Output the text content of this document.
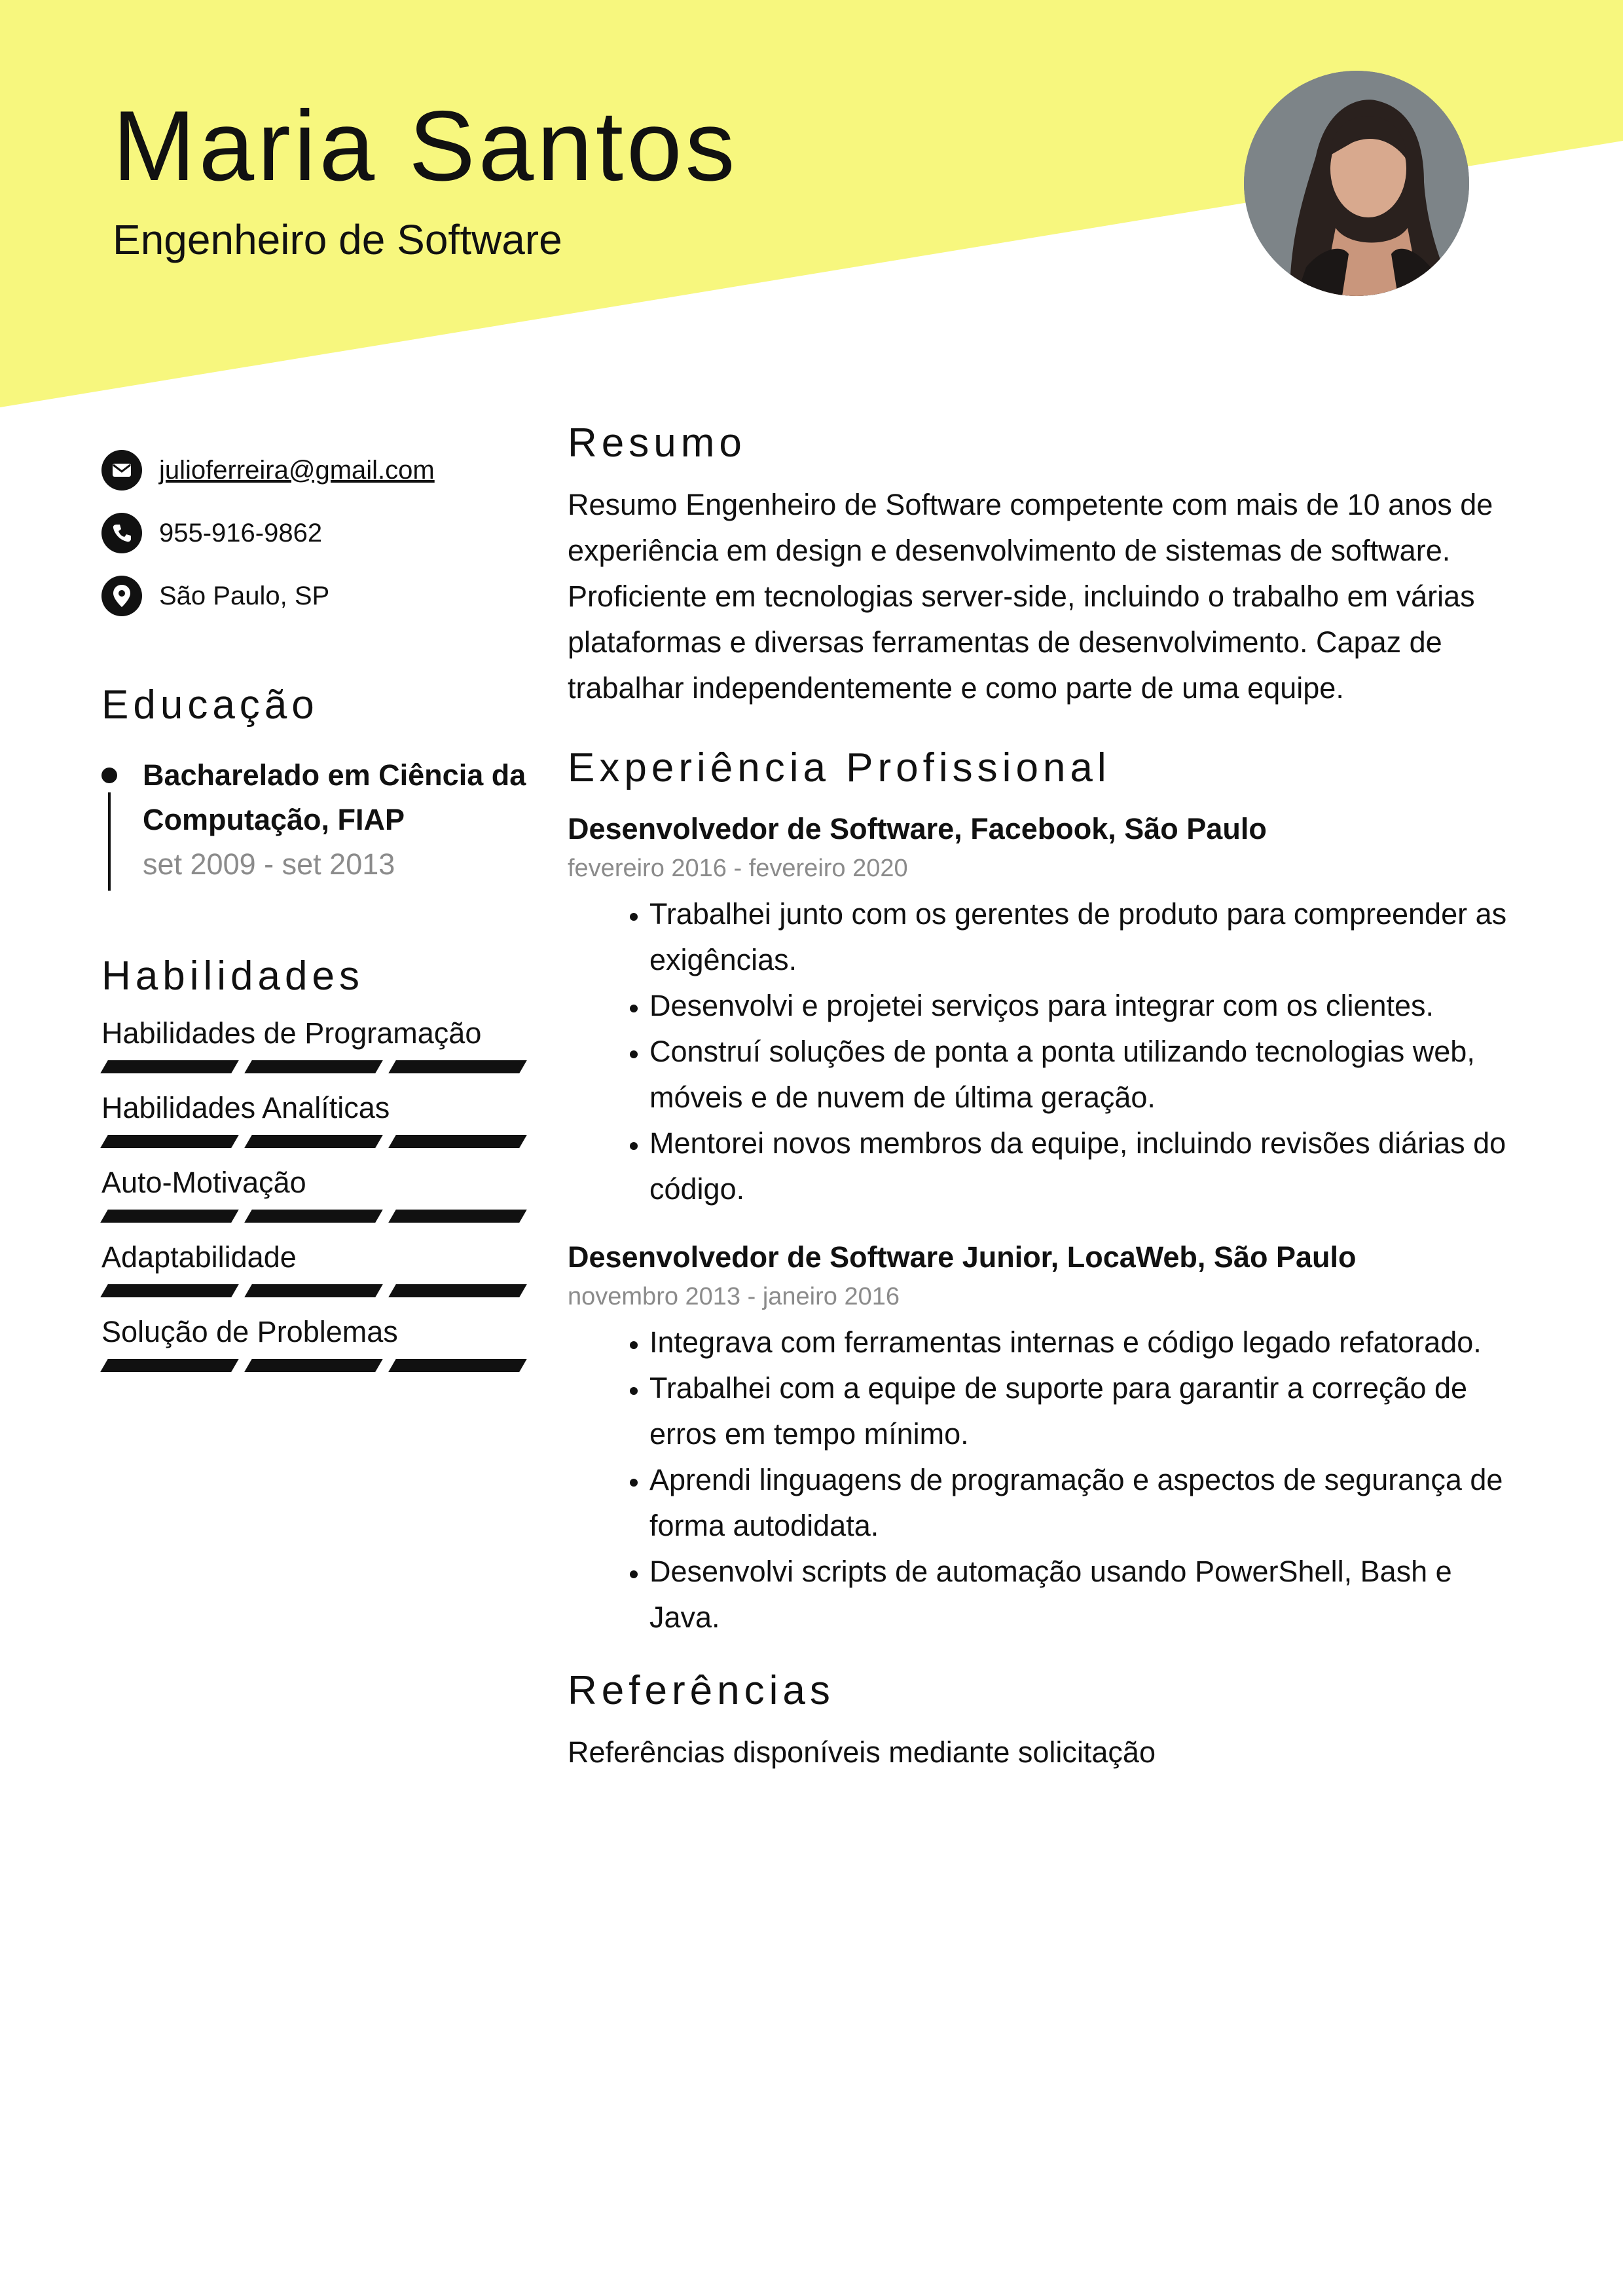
Maria Santos
Engenheiro de Software
julioferreira@gmail.com
955-916-9862
São Paulo, SP
Educação
Bacharelado em Ciência da Computação, FIAP
set 2009 - set 2013
Habilidades
Habilidades de Programação
Habilidades Analíticas
Auto-Motivação
Adaptabilidade
Solução de Problemas
Resumo

Resumo Engenheiro de Software competente com mais de 10 anos de experiência em design e desenvolvimento de sistemas de software. Proficiente em tecnologias server-side, incluindo o trabalho em várias plataformas e diversas ferramentas de desenvolvimento. Capaz de trabalhar independentemente e como parte de uma equipe.

Experiência Profissional

Desenvolvedor de Software, Facebook, São Paulo

fevereiro 2016 - fevereiro 2020

• Trabalhei junto com os gerentes de produto para compreender as exigências.
• Desenvolvi e projetei serviços para integrar com os clientes.
• Construí soluções de ponta a ponta utilizando tecnologias web, móveis e de nuvem de última geração.
• Mentorei novos membros da equipe, incluindo revisões diárias do código.

Desenvolvedor de Software Junior, LocaWeb, São Paulo

novembro 2013 - janeiro 2016

• Integrava com ferramentas internas e código legado refatorado.
• Trabalhei com a equipe de suporte para garantir a correção de erros em tempo mínimo.
• Aprendi linguagens de programação e aspectos de segurança de forma autodidata.
• Desenvolvi scripts de automação usando PowerShell, Bash e Java.
Referências

Referências disponíveis mediante solicitação
